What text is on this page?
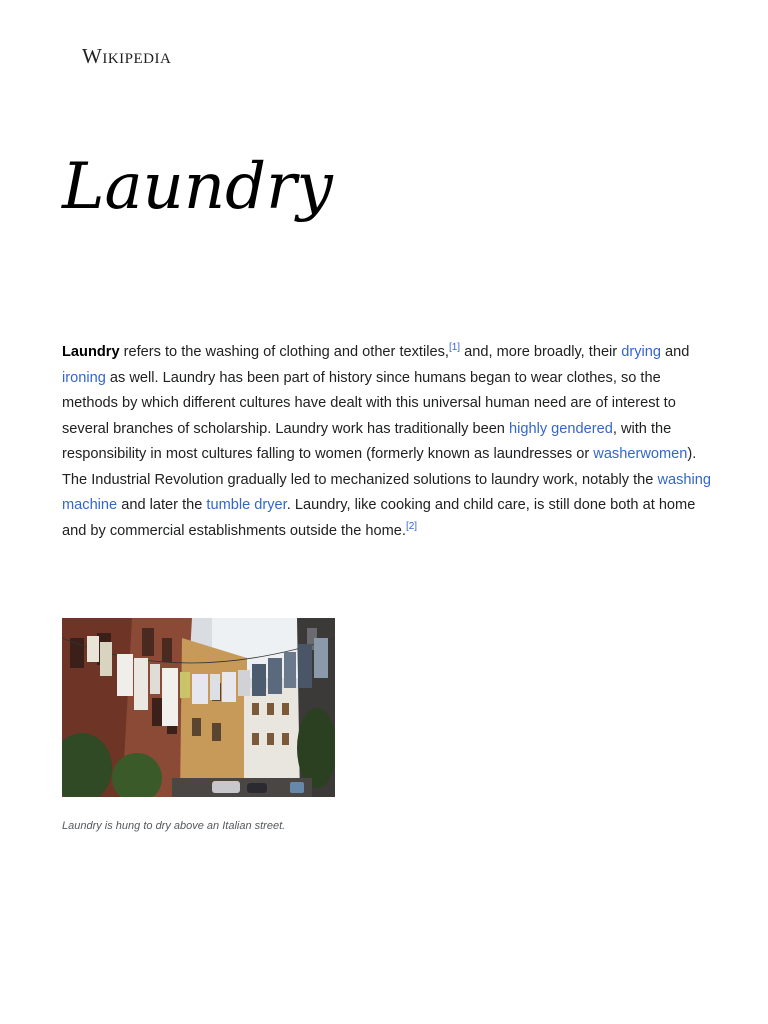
Wikipedia
Laundry

Laundry refers to the washing of clothing and other textiles,[1] and, more broadly, their drying and ironing as well. Laundry has been part of history since humans began to wear clothes, so the methods by which different cultures have dealt with this universal human need are of interest to several branches of scholarship. Laundry work has traditionally been highly gendered, with the responsibility in most cultures falling to women (formerly known as laundresses or washerwomen). The Industrial Revolution gradually led to mechanized solutions to laundry work, notably the washing machine and later the tumble dryer. Laundry, like cooking and child care, is still done both at home and by commercial establishments outside the home.[2]

Laundry is hung to dry above an Italian street.
